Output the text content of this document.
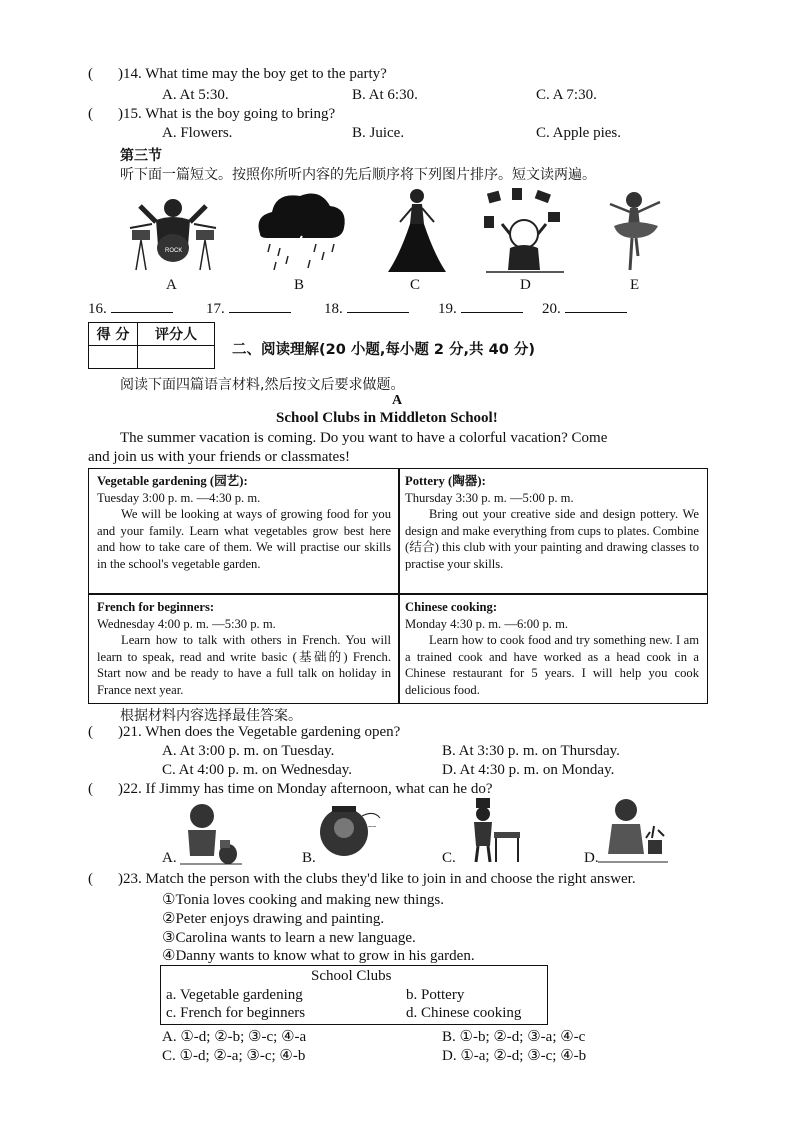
( )14. What time may the boy get to the party?
A. At 5:30.	B. At 6:30.	C. A 7:30.
( )15. What is the boy going to bring?
A. Flowers.	B. Juice.	C. Apple pies.
第三节
听下面一篇短文。按照你所听内容的先后顺序将下列图片排序。短文读两遍。
ROCK
A	B	C	D	E
16.	17.	18.	19.	20.
得 分	评分人

二、阅读理解(20 小题,每小题 2 分,共 40 分)
阅读下面四篇语言材料,然后按文后要求做题。
A
School Clubs in Middleton School!
The summer vacation is coming. Do you want to have a colorful vacation? Come
and join us with your friends or classmates!

Vegetable gardening (园艺):

Tuesday 3:00 p. m. —4:30 p. m.

We will be looking at ways of growing food for you and your family. Learn what vegetables grow best here and how to take care of them. We will practise our skills in the school's vegetable garden.

Pottery (陶器):

Thursday 3:30 p. m. —5:00 p. m.

Bring out your creative side and design pottery. We design and make everything from cups to plates. Combine (结合) this club with your painting and drawing classes to practise your skills.

French for beginners:

Wednesday 4:00 p. m. —5:30 p. m.

Learn how to talk with others in French. You will learn to speak, read and write basic (基础的) French. Start now and be ready to have a full talk on holiday in France next year.

Chinese cooking:

Monday 4:30 p. m. —6:00 p. m.

Learn how to cook food and try something new. I am a trained cook and have worked as a head cook in a Chinese restaurant for 5 years. I will help you cook delicious food.

根据材料内容选择最佳答案。
( )21. When does the Vegetable gardening open?
A. At 3:00 p. m. on Tuesday.	B. At 3:30 p. m. on Thursday.
C. At 4:00 p. m. on Wednesday.	D. At 4:30 p. m. on Monday.
( )22. If Jimmy has time on Monday afternoon, what can he do?
A.	B.
~~
C.	D.
( )23. Match the person with the clubs they'd like to join in and choose the right answer.
①Tonia loves cooking and making new things.
②Peter enjoys drawing and painting.
③Carolina wants to learn a new language.
④Danny wants to know what to grow in his garden.
School Clubs
a. Vegetable gardening	b. Pottery
c. French for beginners	d. Chinese cooking
A. ①-d; ②-b; ③-c; ④-a	B. ①-b; ②-d; ③-a; ④-c
C. ①-d; ②-a; ③-c; ④-b	D. ①-a; ②-d; ③-c; ④-b
